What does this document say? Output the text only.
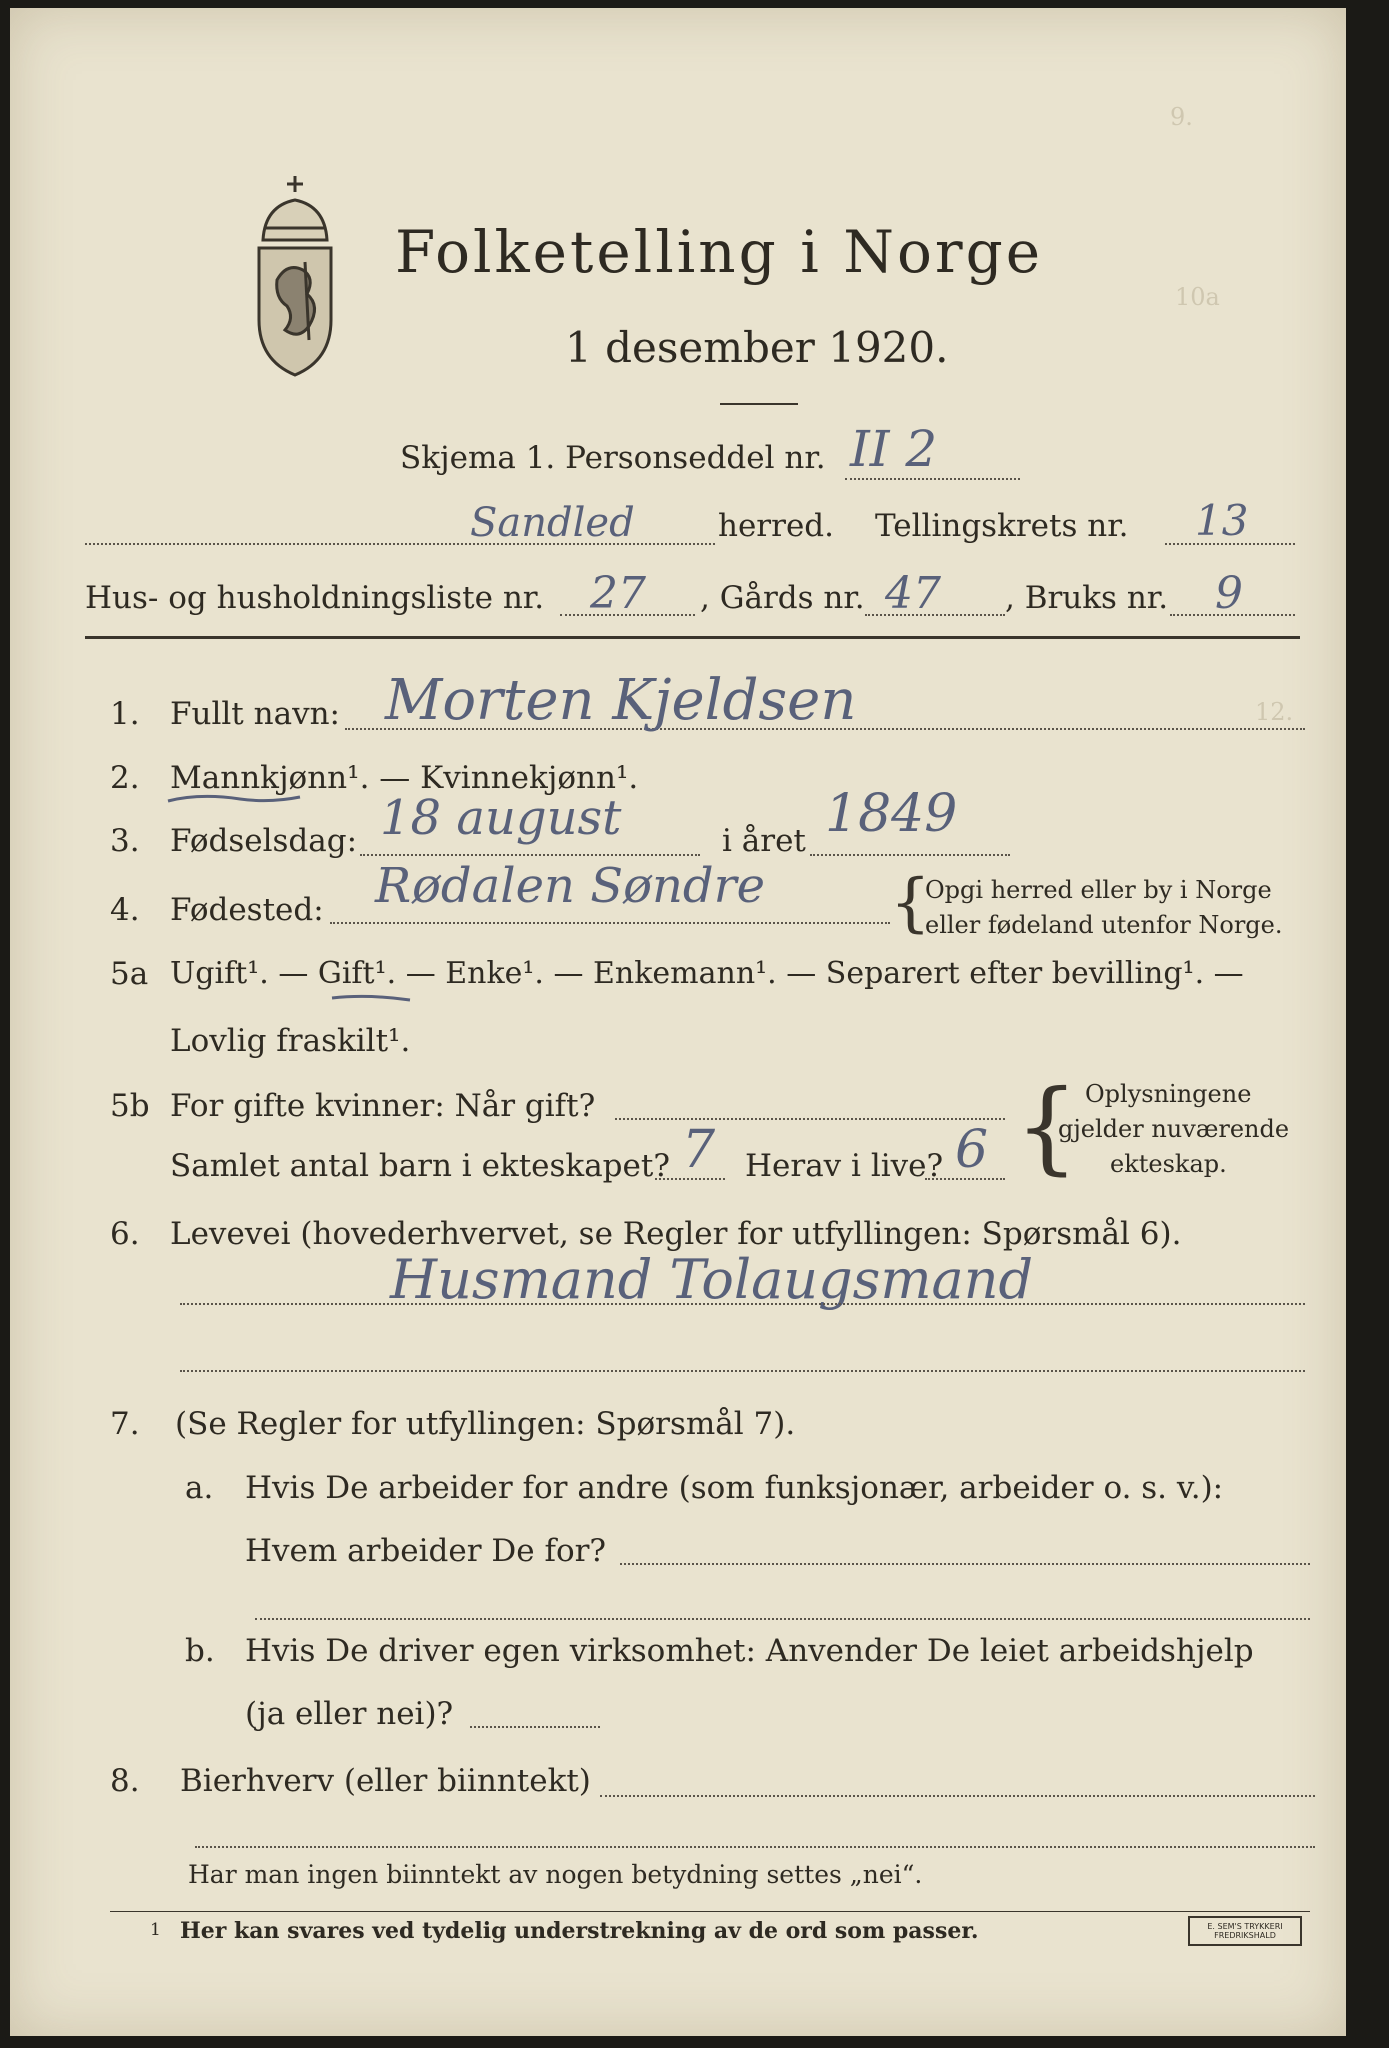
9.
10a
12.
Folketelling i Norge
1 desember 1920.
Skjema 1. Personseddel nr. II 2
Sandled	herred. Tellingskrets nr. 13
Hus- og husholdningsliste nr. 27 , Gårds nr. 47 , Bruks nr. 9
1. Fullt navn: Morten Kjeldsen
2. Mannkjønn¹. — Kvinnekjønn¹.
3. Fødselsdag: 18 august	i året 1849
4. Fødested: Rødalen Søndre {
Opgi herred eller by i Norge
eller fødeland utenfor Norge.
5a Ugift¹. — Gift¹. — Enke¹. — Enkemann¹. — Separert efter bevilling¹. —
Lovlig fraskilt¹.
5b For gifte kvinner: Når gift?
Samlet antal barn i ekteskapet? 7 Herav i live? 6 { Oplysningene
gjelder nuværende
ekteskap.
6. Levevei (hovederhvervet, se Regler for utfyllingen: Spørsmål 6).
Husmand Tolaugsmand
7. (Se Regler for utfyllingen: Spørsmål 7).
a. Hvis De arbeider for andre (som funksjonær, arbeider o. s. v.):
Hvem arbeider De for?
b. Hvis De driver egen virksomhet: Anvender De leiet arbeidshjelp
(ja eller nei)?
8. Bierhverv (eller biinntekt)
Har man ingen biinntekt av nogen betydning settes „nei“.
1 Her kan svares ved tydelig understrekning av de ord som passer.	E. SEM'S TRYKKERI FREDRIKSHALD
